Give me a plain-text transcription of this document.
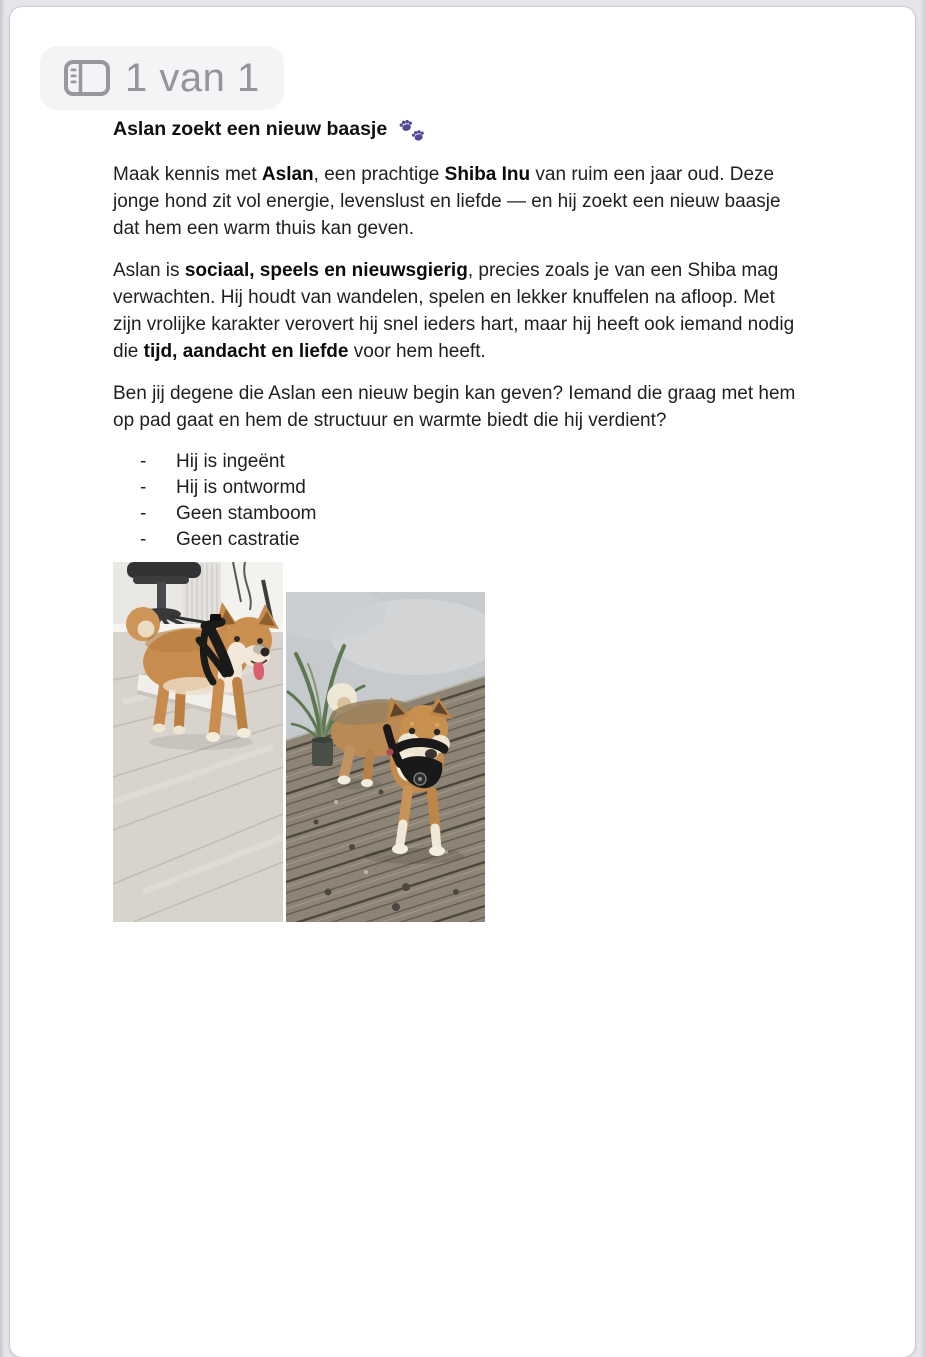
1 van 1
Aslan zoekt een nieuw baasje

Maak kennis met Aslan, een prachtige Shiba Inu van ruim een jaar oud. Deze jonge hond zit vol energie, levenslust en liefde — en hij zoekt een nieuw baasje dat hem een warm thuis kan geven.

Aslan is sociaal, speels en nieuwsgierig, precies zoals je van een Shiba mag verwachten. Hij houdt van wandelen, spelen en lekker knuffelen na afloop. Met zijn vrolijke karakter verovert hij snel ieders hart, maar hij heeft ook iemand nodig die tijd, aandacht en liefde voor hem heeft.

Ben jij degene die Aslan een nieuw begin kan geven? Iemand die graag met hem op pad gaat en hem de structuur en warmte biedt die hij verdient?

- Hij is ingeënt
- Hij is ontwormd
- Geen stamboom
- Geen castratie
